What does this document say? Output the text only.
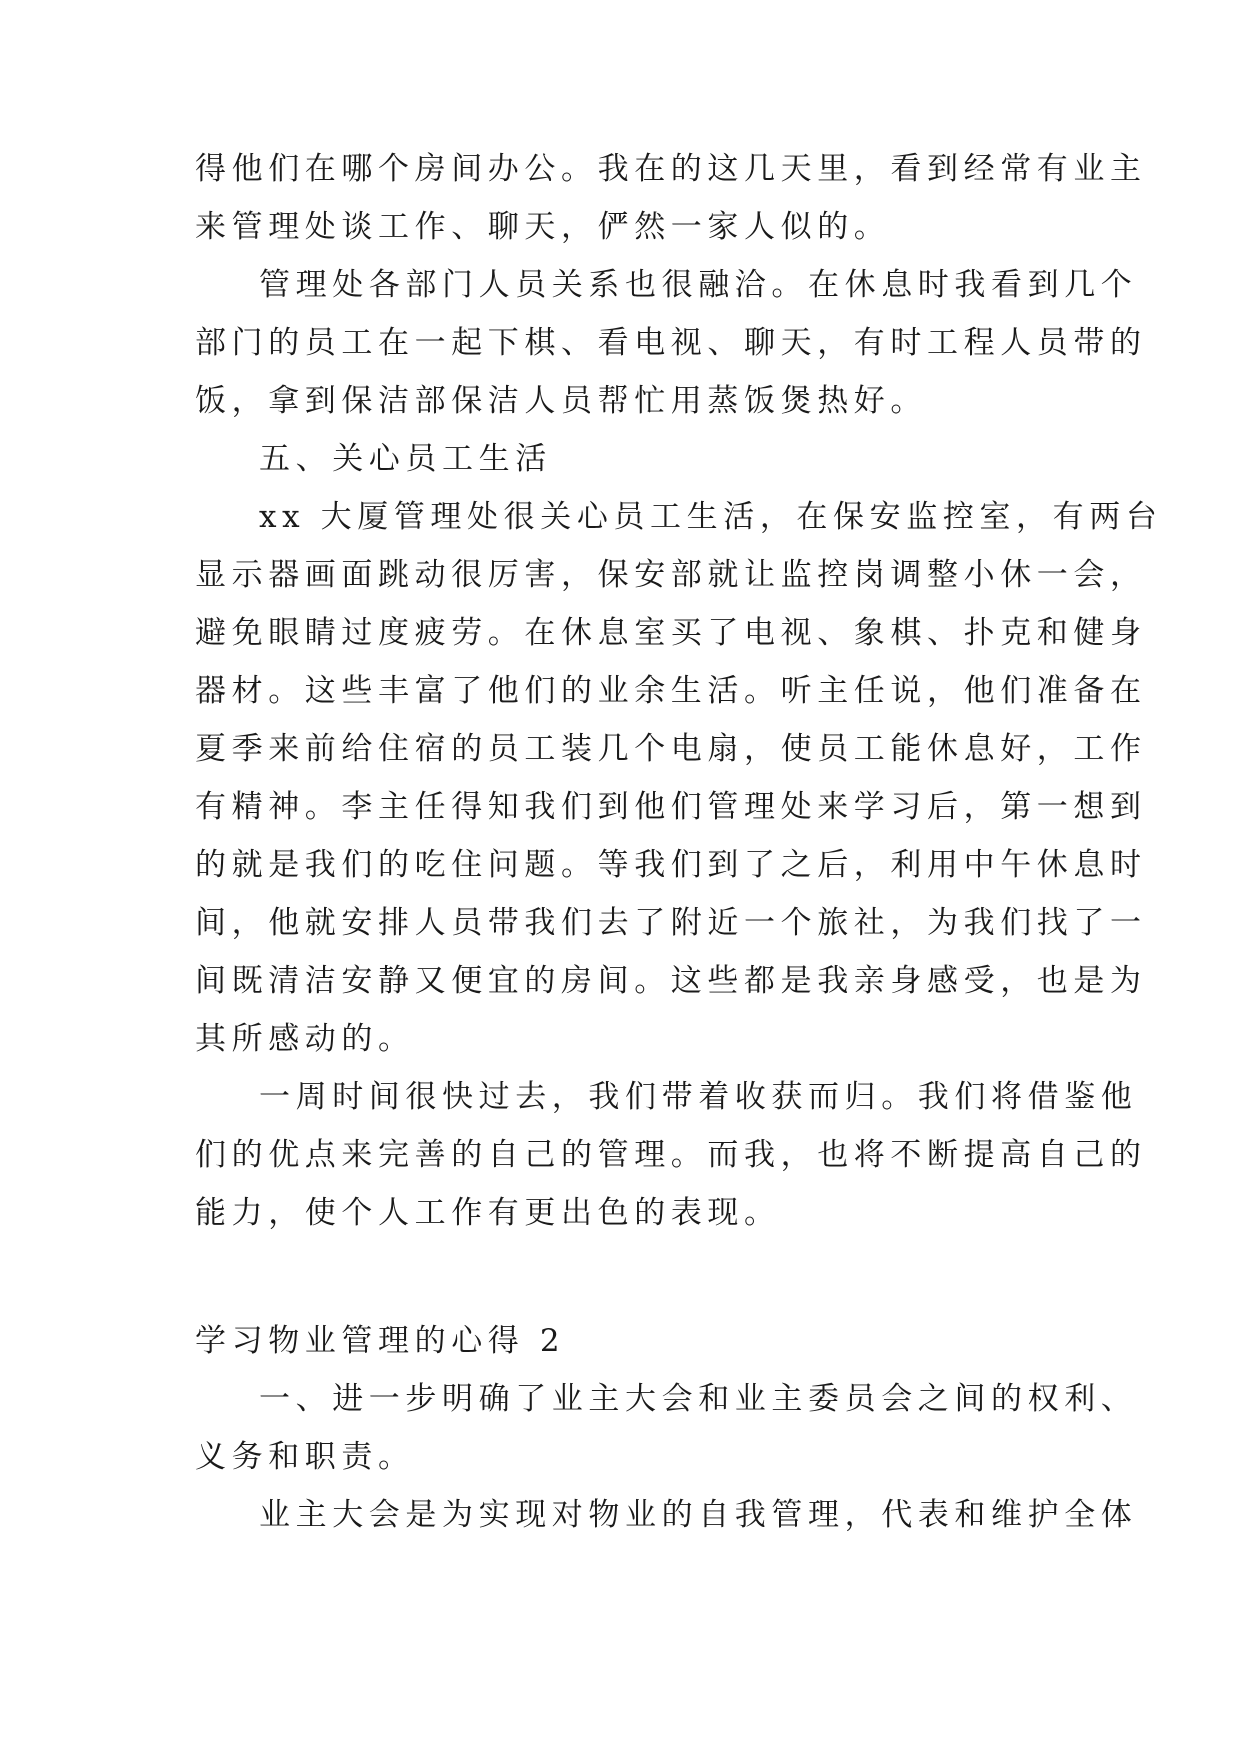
得他们在哪个房间办公。我在的这几天里，看到经常有业主
来管理处谈工作、聊天，俨然一家人似的。
管理处各部门人员关系也很融洽。在休息时我看到几个
部门的员工在一起下棋、看电视、聊天，有时工程人员带的
饭，拿到保洁部保洁人员帮忙用蒸饭煲热好。
五、关心员工生活
xx 大厦管理处很关心员工生活，在保安监控室，有两台
显示器画面跳动很厉害，保安部就让监控岗调整小休一会，
避免眼睛过度疲劳。在休息室买了电视、象棋、扑克和健身
器材。这些丰富了他们的业余生活。听主任说，他们准备在
夏季来前给住宿的员工装几个电扇，使员工能休息好，工作
有精神。李主任得知我们到他们管理处来学习后，第一想到
的就是我们的吃住问题。等我们到了之后，利用中午休息时
间，他就安排人员带我们去了附近一个旅社，为我们找了一
间既清洁安静又便宜的房间。这些都是我亲身感受，也是为
其所感动的。
一周时间很快过去，我们带着收获而归。我们将借鉴他
们的优点来完善的自己的管理。而我，也将不断提高自己的
能力，使个人工作有更出色的表现。
学习物业管理的心得 2
一、进一步明确了业主大会和业主委员会之间的权利、
义务和职责。
业主大会是为实现对物业的自我管理，代表和维护全体
